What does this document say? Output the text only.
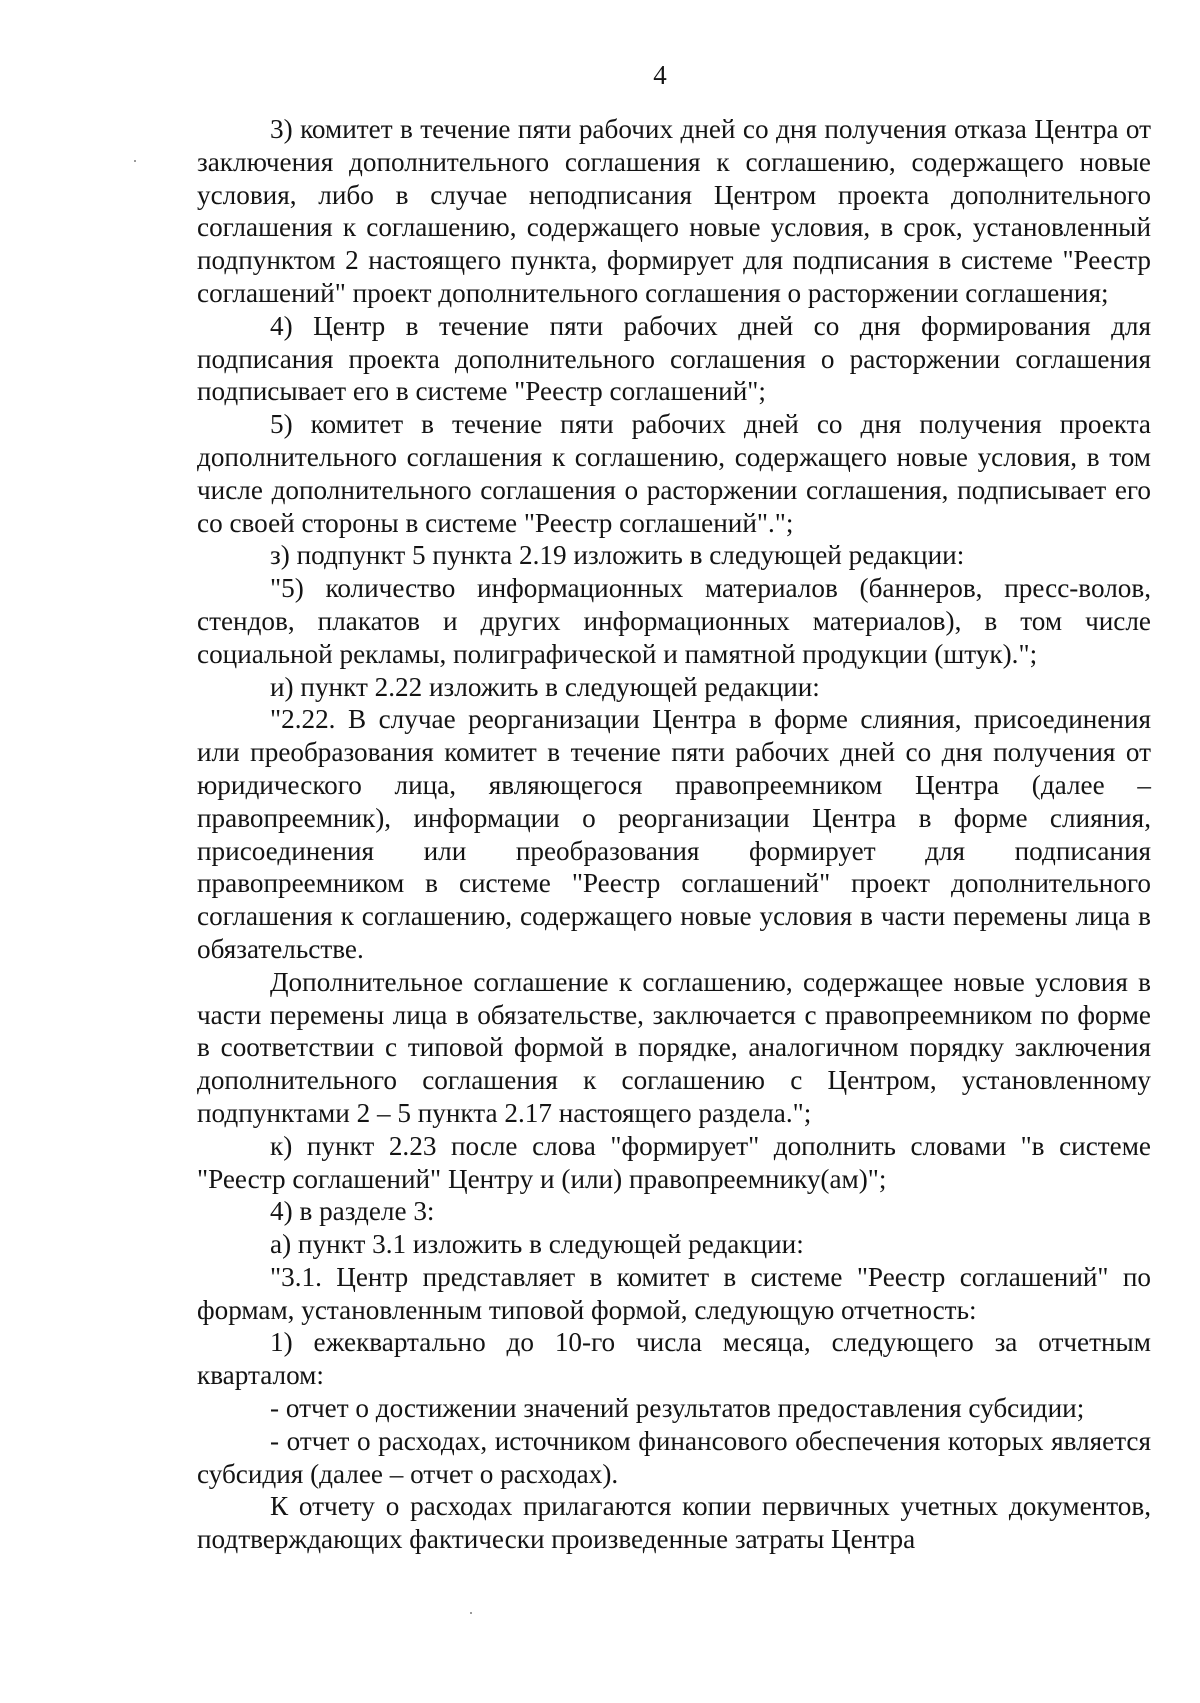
4

3) комитет в течение пяти рабочих дней со дня получения отказа Центра от заключения дополнительного соглашения к соглашению, содержащего новые условия, либо в случае неподписания Центром проекта дополнительного соглашения к соглашению, содержащего новые условия, в срок, установленный подпунктом 2 настоящего пункта, формирует для подписания в системе "Реестр соглашений" проект дополнительного соглашения о расторжении соглашения;

4) Центр в течение пяти рабочих дней со дня формирования для подписания проекта дополнительного соглашения о расторжении соглашения подписывает его в системе "Реестр соглашений";

5) комитет в течение пяти рабочих дней со дня получения проекта дополнительного соглашения к соглашению, содержащего новые условия, в том числе дополнительного соглашения о расторжении соглашения, подписывает его со своей стороны в системе "Реестр соглашений".";

з) подпункт 5 пункта 2.19 изложить в следующей редакции:

"5) количество информационных материалов (баннеров, пресс-волов, стендов, плакатов и других информационных материалов), в том числе социальной рекламы, полиграфической и памятной продукции (штук).";

и) пункт 2.22 изложить в следующей редакции:

"2.22. В случае реорганизации Центра в форме слияния, присоединения или преобразования комитет в течение пяти рабочих дней со дня получения от юридического лица, являющегося правопреемником Центра (далее – правопреемник), информации о реорганизации Центра в форме слияния, присоединения или преобразования формирует для подписания правопреемником в системе "Реестр соглашений" проект дополнительного соглашения к соглашению, содержащего новые условия в части перемены лица в обязательстве.

Дополнительное соглашение к соглашению, содержащее новые условия в части перемены лица в обязательстве, заключается с правопреемником по форме в соответствии с типовой формой в порядке, аналогичном порядку заключения дополнительного соглашения к соглашению с Центром, установленному подпунктами 2 – 5 пункта 2.17 настоящего раздела.";

к) пункт 2.23 после слова "формирует" дополнить словами "в системе "Реестр соглашений" Центру и (или) правопреемнику(ам)";

4) в разделе 3:

а) пункт 3.1 изложить в следующей редакции:

"3.1. Центр представляет в комитет в системе "Реестр соглашений" по формам, установленным типовой формой, следующую отчетность:

1) ежеквартально до 10-го числа месяца, следующего за отчетным кварталом:

- отчет о достижении значений результатов предоставления субсидии;

- отчет о расходах, источником финансового обеспечения которых является субсидия (далее – отчет о расходах).

К отчету о расходах прилагаются копии первичных учетных документов, подтверждающих фактически произведенные затраты Центра
